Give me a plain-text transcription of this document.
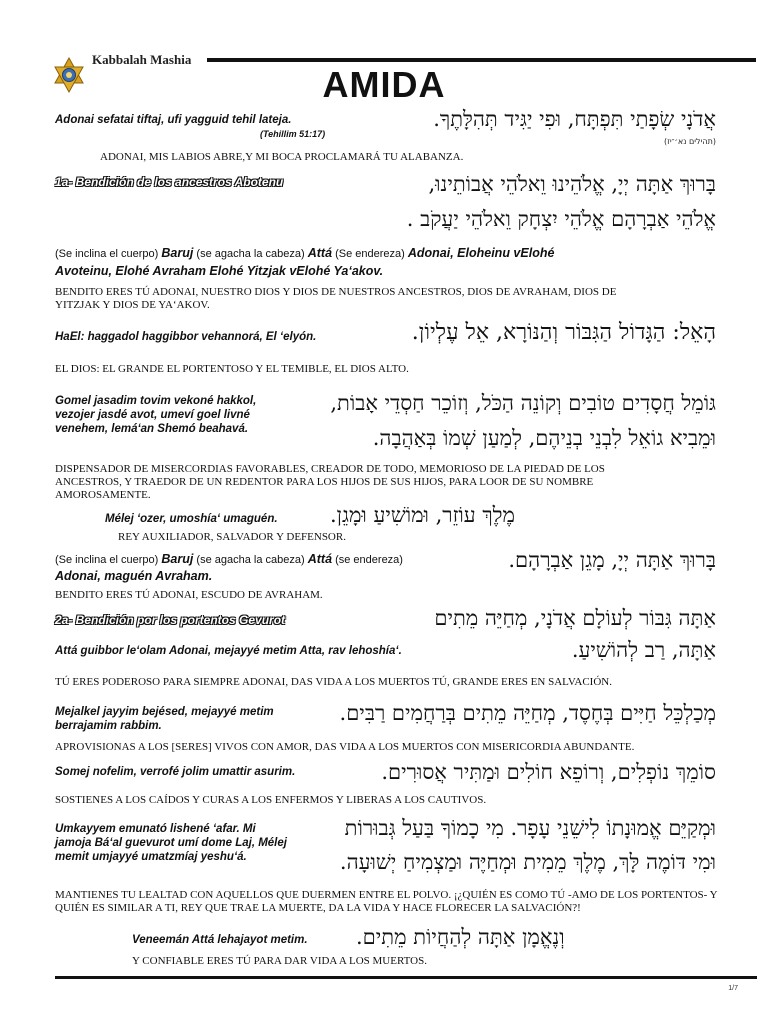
Kabbalah Mashia
AMIDA
Adonai sefatai tiftaj, ufi yagguid tehil lateja.
(Tehillim 51:17)
(תהילים נא׳־יז)
אֲדֹנָי שְׂפָתַי תִּפְתָּח, וּפִי יַגִּיד תְּהִלָּתֶךָ.
ADONAI, MIS LABIOS ABRE,Y MI BOCA PROCLAMARÁ TU ALABANZA.
1a- Bendición de los ancestros Abotenu	בָּרוּךְ אַתָּה יְיָ, אֱלֹהֵינוּ וֵאלֹהֵי אֲבוֹתֵינוּ,
אֱלֹהֵי אַבְרָהָם אֱלֹהֵי יִצְחָק וֵאלֹהֵי יַעֲקֹב .
(Se inclina el cuerpo) Baruj (se agacha la cabeza) Attá (Se endereza) Adonai, Eloheinu vElohé
Avoteinu, Elohé Avraham Elohé Yitzjak vElohé Ya‘akov.
BENDITO ERES TÚ ADONAI, NUESTRO DIOS Y DIOS DE NUESTROS ANCESTROS, DIOS DE AVRAHAM, DIOS DE YITZJAK Y DIOS DE YA‘AKOV.
HaEl: haggadol haggibbor vehannorá, El ‘elyón.	הָאֵל: הַגָּדוֹל הַגִּבּוֹר וְהַנּוֹרָא, אֵל עֶלְיוֹן.
EL DIOS: EL GRANDE EL PORTENTOSO Y EL TEMIBLE, EL DIOS ALTO.
Gomel jasadim tovim vekoné hakkol, vezojer jasdé avot, umeví goel livné venehem, lemá‘an Shemó beahavá.
גּוֹמֵל חֲסָדִים טוֹבִים וְקוֹנֵה הַכֹּל, וְזוֹכֵר חַסְדֵי אָבוֹת,
וּמֵבִיא גוֹאֵל לִבְנֵי בְנֵיהֶם, לְמַעַן שְׁמוֹ בְּאַהֲבָה.
DISPENSADOR DE MISERCORDIAS FAVORABLES, CREADOR DE TODO, MEMORIOSO DE LA PIEDAD DE LOS ANCESTROS, Y TRAEDOR DE UN REDENTOR PARA LOS HIJOS DE SUS HIJOS, PARA LOOR DE SU NOMBRE AMOROSAMENTE.
Mélej ‘ozer, umoshía‘ umaguén. מֶלֶךְ עוֹזֵר, וּמוֹשִׁיעַ וּמָגֵן.
REY AUXILIADOR, SALVADOR Y DEFENSOR.
(Se inclina el cuerpo) Baruj (se agacha la cabeza) Attá (se endereza)
Adonai, maguén Avraham.
בָּרוּךְ אַתָּה יְיָ, מָגֵן אַבְרָהָם.
BENDITO ERES TÚ ADONAI, ESCUDO DE AVRAHAM.
2a- Bendición por los portentos Gevurot	אַתָּה גִּבּוֹר לְעוֹלָם אֲדֹנָי, מְחַיֵּה מֵתִים
Attá guibbor le‘olam Adonai, mejayyé metim Atta, rav lehoshía‘.	אַתָּה, רַב לְהוֹשִׁיעַ.
TÚ ERES PODEROSO PARA SIEMPRE ADONAI, DAS VIDA A LOS MUERTOS TÚ, GRANDE ERES EN SALVACIÓN.
Mejalkel jayyim bejésed, mejayyé metim berrajamim rabbim.
מְכַלְכֵּל חַיִּים בְּחֶסֶד, מְחַיֵּה מֵתִים בְּרַחֲמִים רַבִּים.
APROVISIONAS A LOS [SERES] VIVOS CON AMOR, DAS VIDA A LOS MUERTOS CON MISERICORDIA ABUNDANTE.
Somej nofelim, verrofé jolim umattir asurim.	סוֹמֵךְ נוֹפְלִים, וְרוֹפֵא חוֹלִים וּמַתִּיר אֲסוּרִים.
SOSTIENES A LOS CAÍDOS Y CURAS A LOS ENFERMOS Y LIBERAS A LOS CAUTIVOS.
Umkayyem emunató lishené ‘afar. Mi jamoja Bá‘al guevurot umí dome Laj, Mélej memit umjayyé umatzmíaj yeshu‘á.
וּמְקַיֵּם אֱמוּנָתוֹ לִישֵׁנֵי עָפָר. מִי כָמוֹךָ בַּעַל גְּבוּרוֹת
וּמִי דּוֹמֶה לָּךְ, מֶלֶךְ מֵמִית וּמְחַיֶּה וּמַצְמִיחַ יְשׁוּעָה.
MANTIENES TU LEALTAD CON AQUELLOS QUE DUERMEN ENTRE EL POLVO. ¡¿QUIÉN ES COMO TÚ -AMO DE LOS PORTENTOS- Y QUIÉN ES SIMILAR A TI, REY QUE TRAE LA MUERTE, DA LA VIDA Y HACE FLORECER LA SALVACIÓN?!
Veneemán Attá lehajayot metim. וְנֶאֱמָן אַתָּה לְהַחֲיוֹת מֵתִים.
Y CONFIABLE ERES TÚ PARA DAR VIDA A LOS MUERTOS.
1/7
